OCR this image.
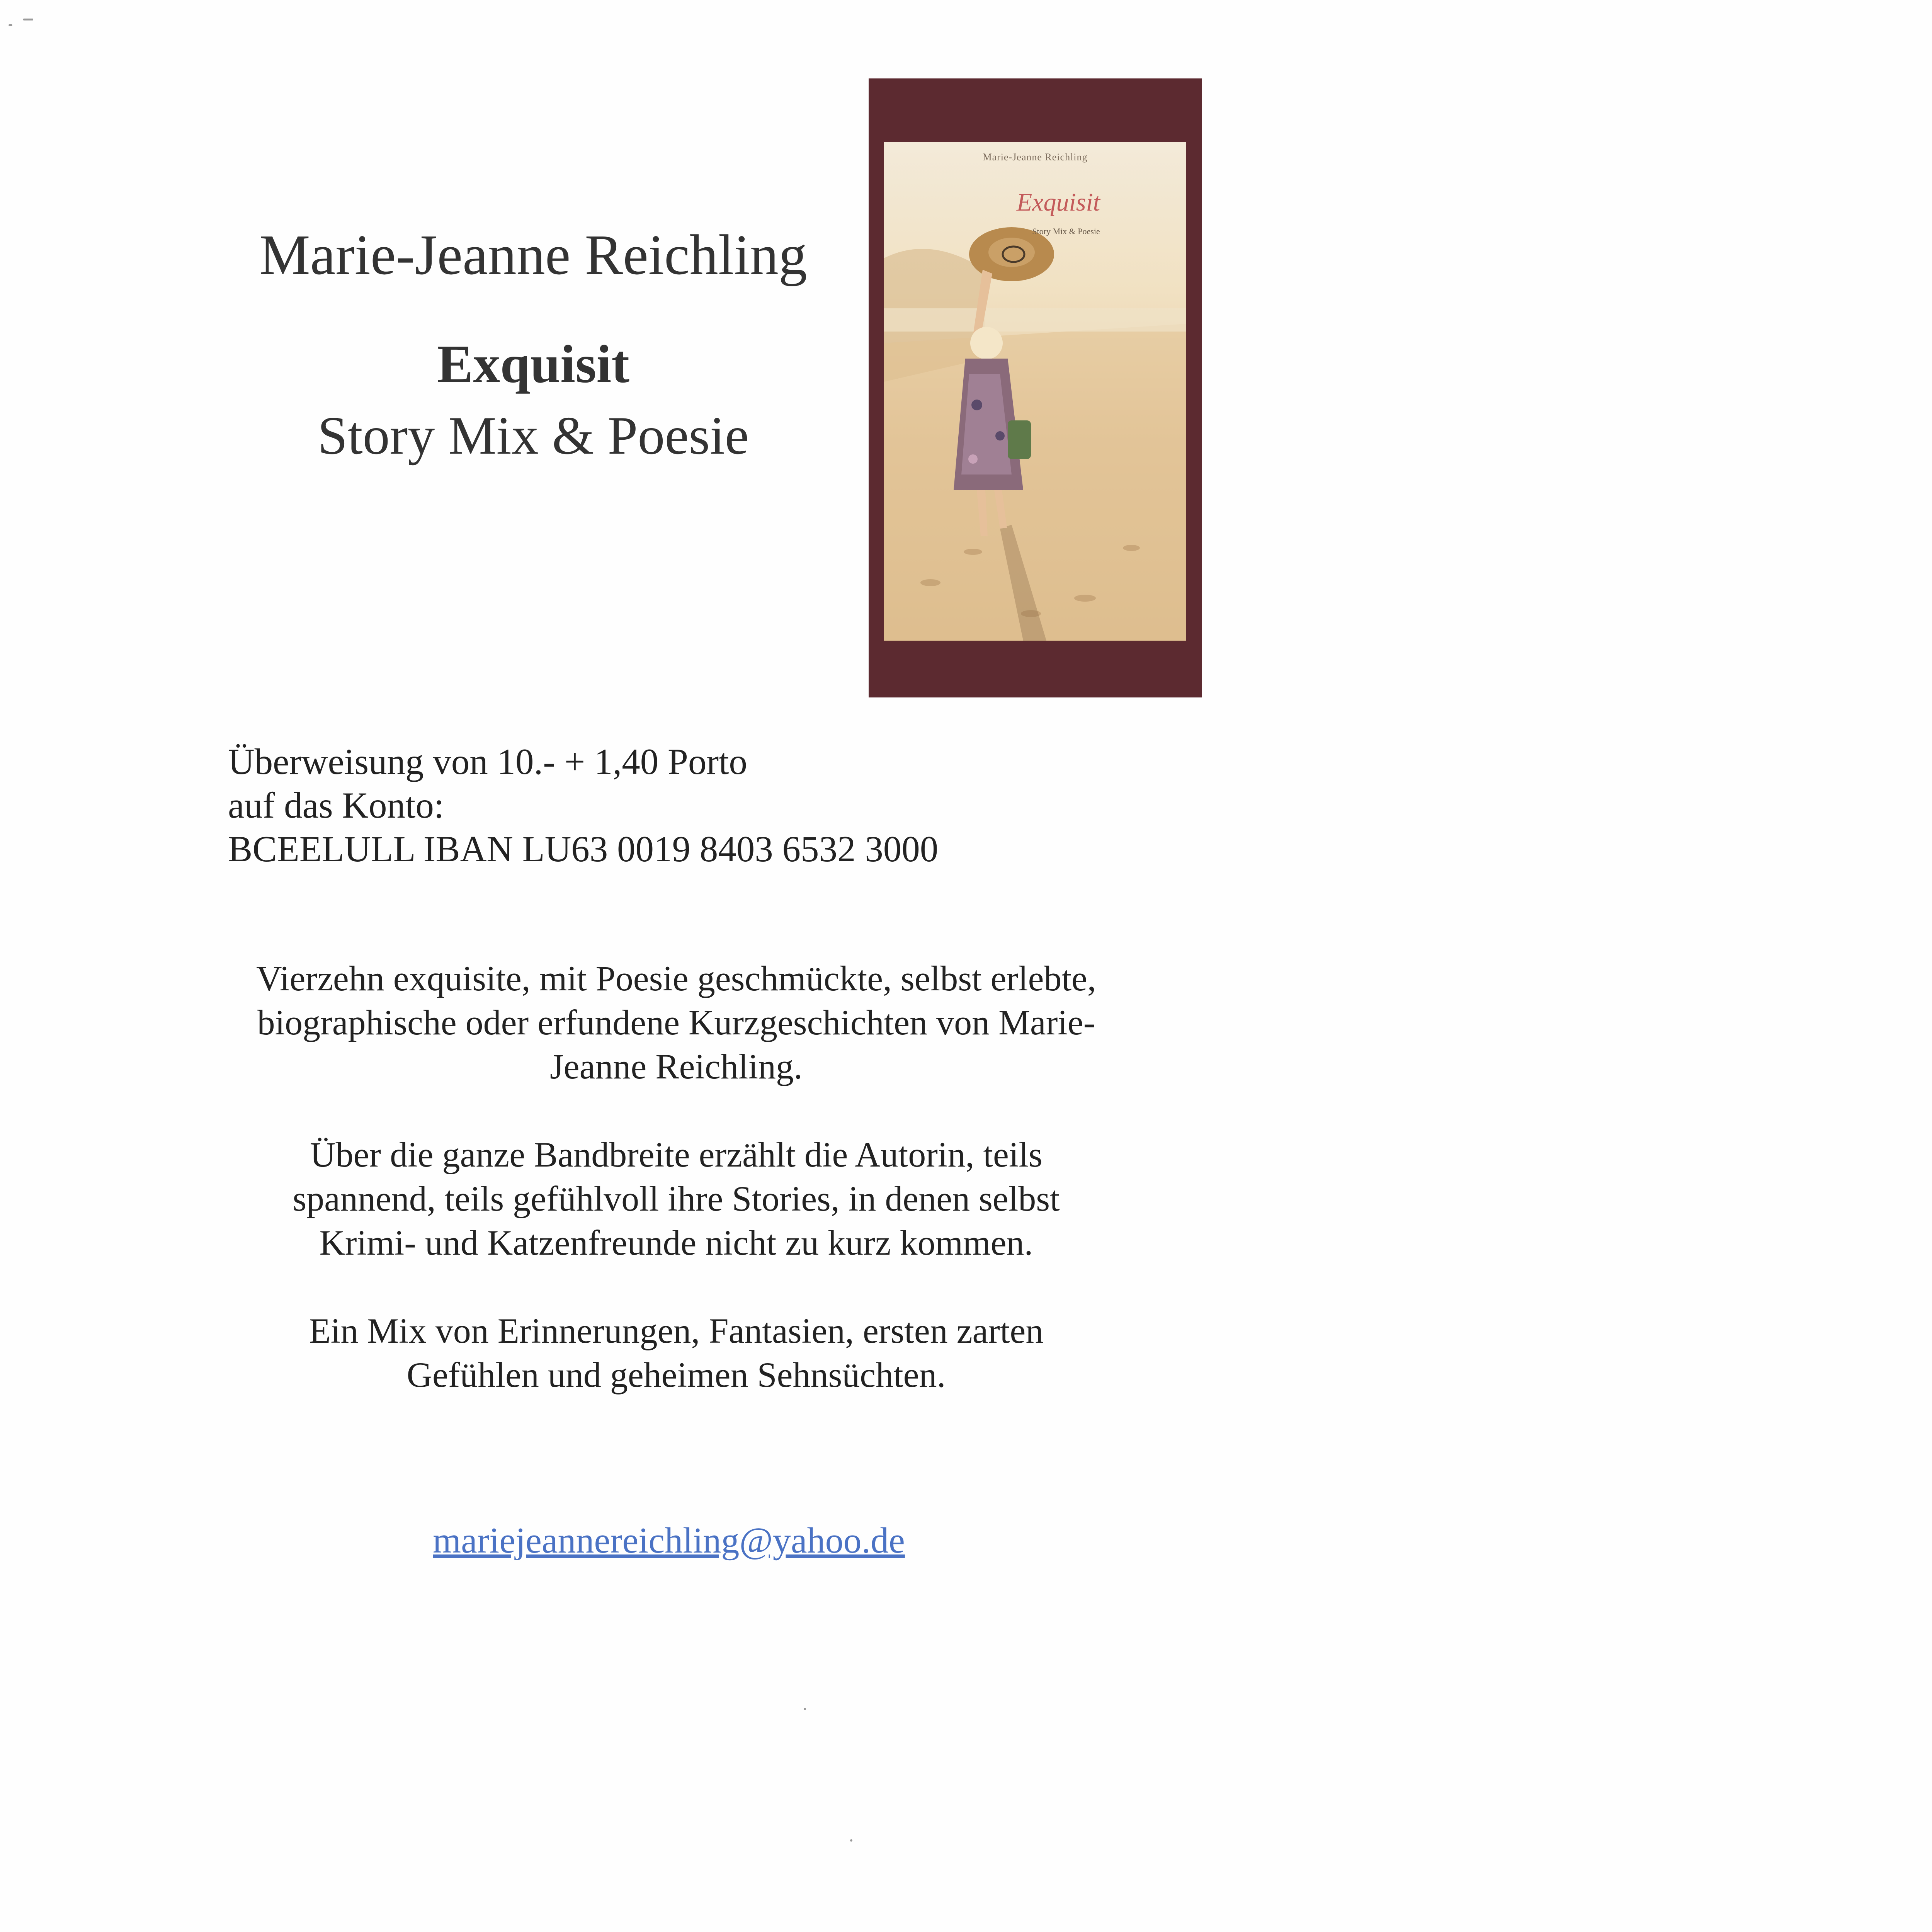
Marie-Jeanne Reichling
Exquisit
Story Mix & Poesie
Marie-Jeanne Reichling
Exquisit
Story Mix & Poesie
Überweisung von 10.- + 1,40 Porto
auf das Konto:
BCEELULL IBAN LU63 0019 8403 6532 3000

Vierzehn exquisite, mit Poesie geschmückte, selbst erlebte,
biographische oder erfundene Kurzgeschichten von Marie-
Jeanne Reichling.

Über die ganze Bandbreite erzählt die Autorin, teils
spannend, teils gefühlvoll ihre Stories, in denen selbst
Krimi- und Katzenfreunde nicht zu kurz kommen.

Ein Mix von Erinnerungen, Fantasien, ersten zarten
Gefühlen und geheimen Sehnsüchten.

mariejeannereichling@yahoo.de
